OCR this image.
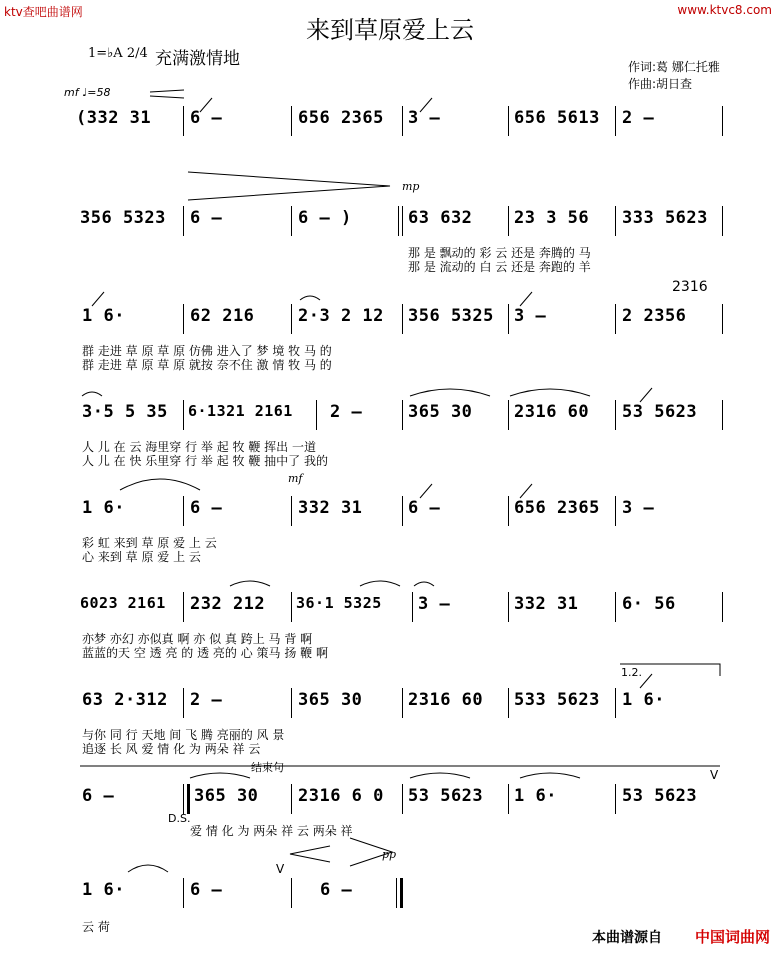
ktv查吧曲谱网	www.ktvc8.com
来到草原爱上云
1=♭A 2/4 充满激情地
mf ♩=58
作词:葛 娜仁托雅
作曲:胡日查
(332 31 6 –	656 2365 3 –	656 5613 2 –
mp
356 5323 6 –	6 – )	63 632 23 3 56 333 5623
那 是 飘动的 彩 云 还是 奔腾的 马
那 是 流动的 白 云 还是 奔跑的 羊
2316
1 6·	62 216	2·3 2 12 356 5325 3 –	2 2356
群 走进 草 原 草 原 仿佛 进入了 梦 境 牧 马 的
群 走进 草 原 草 原 就按 奈不住 激 情 牧 马 的
3·5 5 35 6·1321 2161 2 –	365 30 2316 60 53 5623
人 儿 在 云 海里穿 行 举 起 牧 鞭 挥出 一道
人 儿 在 快 乐里穿 行 举 起 牧 鞭 抽中了 我的
mf
1 6·	6 –	332 31	6 –	656 2365 3 –
彩 虹 来到 草 原 爱 上 云
心 来到 草 原 爱 上 云
6023 2161 232 212 36·1 5325 3 –	332 31	6· 56
亦梦 亦幻 亦似真 啊 亦 似 真 跨上 马 背 啊
蓝蓝的天 空 透 亮 的 透 亮的 心 策马 扬 鞭 啊
1.2.
63 2·312 2 –	365 30	2316 60 533 5623 1 6·
与你 同 行 天地 间 飞 腾 亮丽的 风 景
追逐 长 风 爱 情 化 为 两朵 祥 云
结束句
V
6 –	365 30 2316 6 0 53 5623 1 6·	53 5623
D.S.
爱 情 化 为 两朵 祥 云 两朵 祥
pp
V
1 6·	6 –	6 –
云 荷
本曲谱源自 中国词曲网
